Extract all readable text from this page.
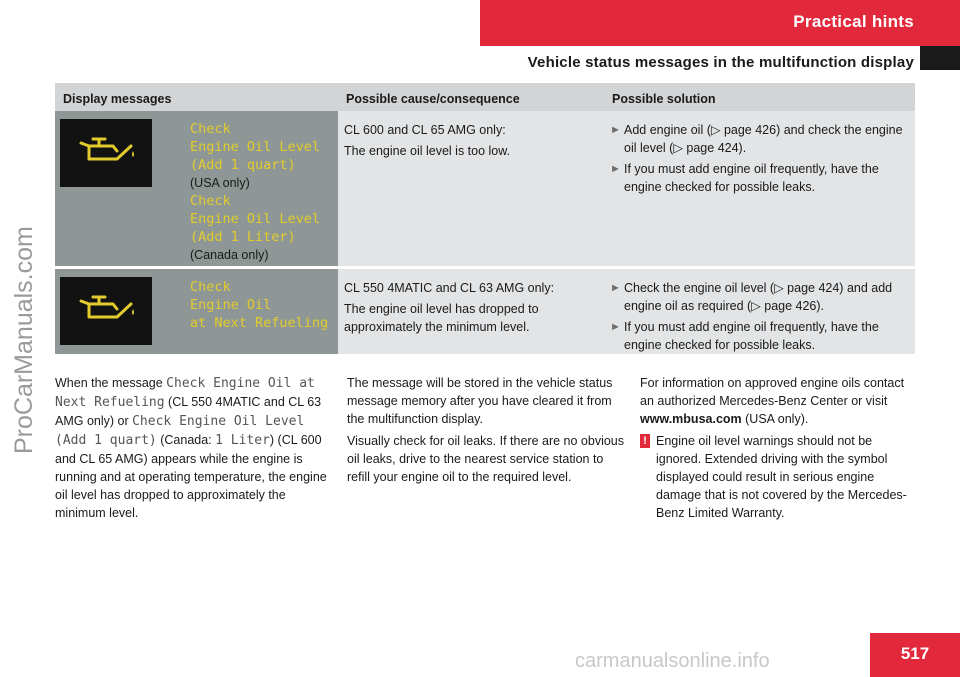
Practical hints
Vehicle status messages in the multifunction display
ProCarManuals.com
Display messages	Possible cause/consequence	Possible solution
Check
Engine Oil Level
(Add 1 quart)
(USA only)
Check
Engine Oil Level
(Add 1 Liter)
(Canada only)

CL 600 and CL 65 AMG only:

The engine oil level is too low.

► Add engine oil (▷ page 426) and check the engine oil level (▷ page 424).
► If you must add engine oil frequently, have the engine checked for possible leaks.
Check
Engine Oil
at Next Refueling

CL 550 4MATIC and CL 63 AMG only:

The engine oil level has dropped to approximately the minimum level.

► Check the engine oil level (▷ page 424) and add engine oil as required (▷ page 426).
► If you must add engine oil frequently, have the engine checked for possible leaks.

When the message Check Engine Oil at Next Refueling (CL 550 4MATIC and CL 63 AMG only) or Check Engine Oil Level (Add 1 quart) (Canada: 1 Liter) (CL 600 and CL 65 AMG) appears while the engine is running and at operating temperature, the engine oil level has dropped to approximately the minimum level.

The message will be stored in the vehicle status message memory after you have cleared it from the multifunction display.

Visually check for oil leaks. If there are no obvious oil leaks, drive to the nearest service station to refill your engine oil to the required level.

For information on approved engine oils contact an authorized Mercedes-Benz Center or visit www.mbusa.com (USA only).

! Engine oil level warnings should not be ignored. Extended driving with the symbol displayed could result in serious engine damage that is not covered by the Mercedes-Benz Limited Warranty.
517
carmanualsonline.info
